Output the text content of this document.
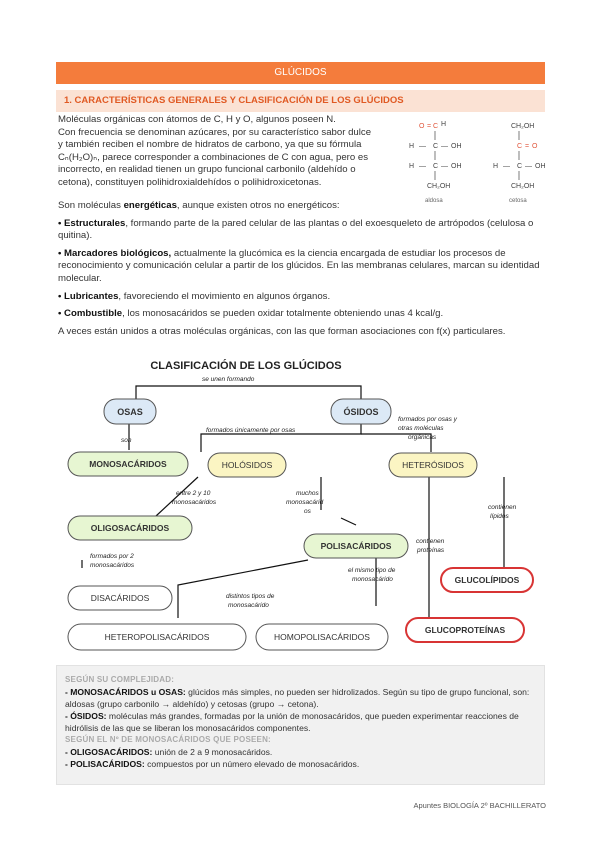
GLÚCIDOS
1. CARACTERÍSTICAS GENERALES Y CLASIFICACIÓN DE LOS GLÚCIDOS
Moléculas orgánicas con átomos de C, H y O, algunos poseen N.
Con frecuencia se denominan azúcares, por su característico sabor dulce
y también reciben el nombre de hidratos de carbono, ya que su fórmula
Cₙ(H₂O)ₙ, parece corresponder a combinaciones de C con agua, pero es
incorrecto, en realidad tienen un grupo funcional carbonilo (aldehído o
cetona), constituyen polihidroxialdehídos o polihidroxicetonas.
O = C H
H — C — OH
H — C — OH
CH₂OH
aldosa
CH₂OH
C = O
H — C — OH
CH₂OH
cetosa

Son moléculas energéticas, aunque existen otros no energéticos:

• Estructurales, formando parte de la pared celular de las plantas o del exoesqueleto de artrópodos (celulosa o quitina).

• Marcadores biológicos, actualmente la glucómica es la ciencia encargada de estudiar los procesos de reconocimiento y comunicación celular a partir de los glúcidos. En las membranas celulares, marcan su identidad molecular.

• Lubricantes, favoreciendo el movimiento en algunos órganos.

• Combustible, los monosacáridos se pueden oxidar totalmente obteniendo unas 4 kcal/g.

A veces están unidos a otras moléculas orgánicas, con las que forman asociaciones con f(x) particulares.

CLASIFICACIÓN DE LOS GLÚCIDOS
se unen formando
son
formados únicamente por osas
formados por osas y
otras moléculas
orgánicas
entre 2 y 10
monosacáridos
muchos
monosacárid
os
formados por 2
monosacáridos
contienen
lípidos
contienen
proteínas
el mismo tipo de
monosacárido
distintos tipos de
monosacárido
OSAS	ÓSIDOS
MONOSACÁRIDOS	HOLÓSIDOS	HETERÓSIDOS
OLIGOSACÁRIDOS
POLISACÁRIDOS
DISACÁRIDOS
GLUCOLÍPIDOS
GLUCOPROTEÍNAS
HETEROPOLISACÁRIDOS	HOMOPOLISACÁRIDOS
SEGÚN SU COMPLEJIDAD:
- MONOSACÁRIDOS u OSAS: glúcidos más simples, no pueden ser hidrolizados. Según su tipo de grupo funcional, son: aldosas (grupo carbonilo → aldehído) y cetosas (grupo → cetona).
- ÓSIDOS: moléculas más grandes, formadas por la unión de monosacáridos, que pueden experimentar reacciones de hidrólisis de las que se liberan los monosacáridos componentes.
SEGÚN EL Nº DE MONOSACÁRIDOS QUE POSEEN:
- OLIGOSACÁRIDOS: unión de 2 a 9 monosacáridos.
- POLISACÁRIDOS: compuestos por un número elevado de monosacáridos.
Apuntes BIOLOGÍA 2º BACHILLERATO
